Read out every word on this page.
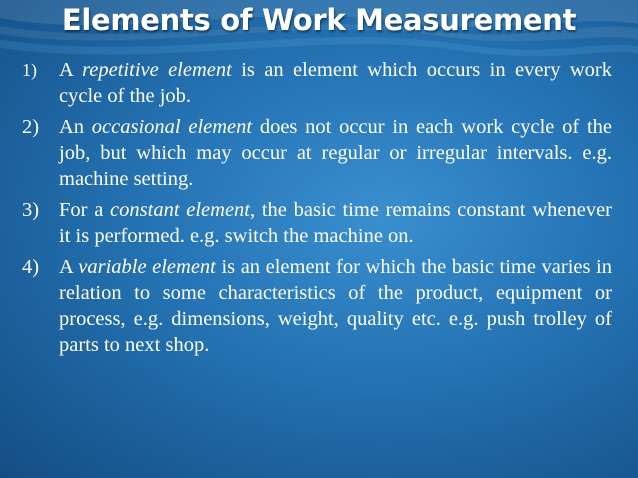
Elements of Work Measurement
1) A repetitive element is an element which occurs in every work cycle of the job.
2) An occasional element does not occur in each work cycle of the job, but which may occur at regular or irregular intervals. e.g. machine setting.
3) For a constant element, the basic time remains constant whenever it is performed. e.g. switch the machine on.
4) A variable element is an element for which the basic time varies in relation to some characteristics of the product, equipment or process, e.g. dimensions, weight, quality etc. e.g. push trolley of parts to next shop.
